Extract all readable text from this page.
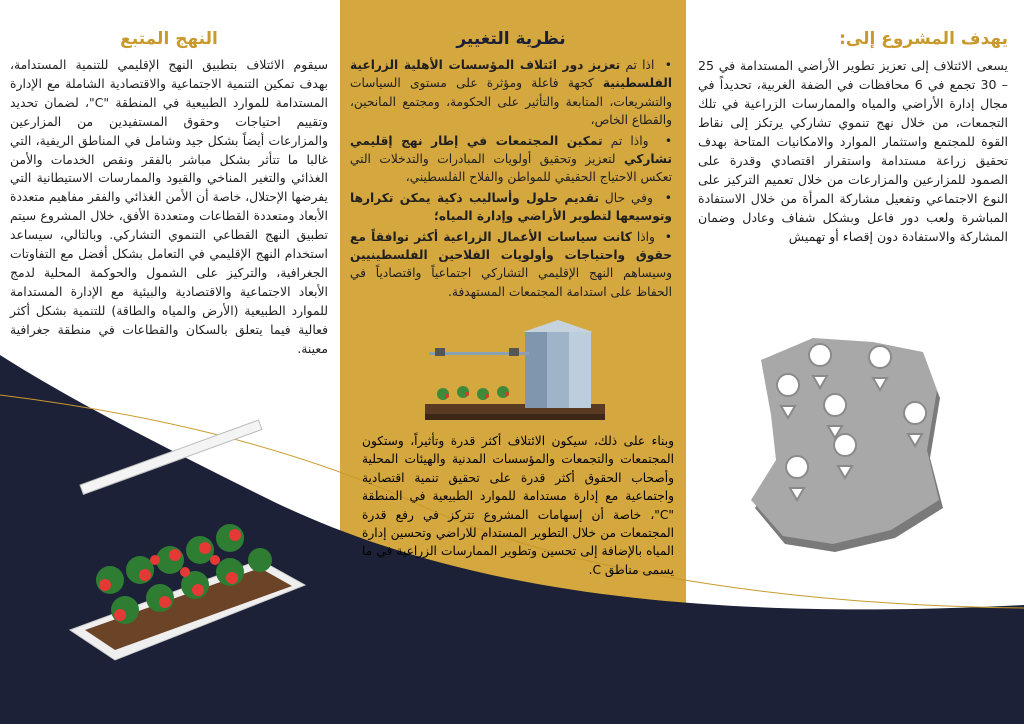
يهدف المشروع إلى:

يسعى الائتلاف إلى تعزيز تطوير الأراضي المستدامة في 25 – 30 تجمع في 6 محافظات في الضفة الغربية، تحديداً في مجال إدارة الأراضي والمياه والممارسات الزراعية في تلك التجمعات، من خلال نهج تنموي تشاركي يرتكز إلى نقاط القوة للمجتمع واستثمار الموارد والامكانيات المتاحة بهدف تحقيق زراعة مستدامة واستقرار اقتصادي وقدرة على الصمود للمزارعين والمزارعات من خلال تعميم التركيز على النوع الاجتماعي وتفعيل مشاركة المرأة من خلال الاستفادة المباشرة ولعب دور فاعل وبشكل شفاف وعادل وضمان المشاركة والاستفادة دون إقصاء أو تهميش

نظرية التغيير

•  اذا تم تعزيز دور ائتلاف المؤسسات الأهلية الزراعية الفلسطينية كجهة فاعلة ومؤثرة على مستوى السياسات والتشريعات، المتابعة والتأثير على الحكومة، ومجتمع المانحين، والقطاع الخاص،

•  واذا تم تمكين المجتمعات في إطار نهج إقليمي تشاركي لتعزيز وتحقيق أولويات المبادرات والتدخلات التي تعكس الاحتياج الحقيقي للمواطن والفلاح الفلسطيني،

•  وفي حال تقديم حلول وأساليب ذكية يمكن تكرارها وتوسيعها لتطوير الأراضي وإدارة المياه؛

•  واذا كانت سياسات الأعمال الزراعية أكثر توافقاً مع حقوق واحتياجات وأولويات الفلاحين الفلسطينيين وسيساهم النهج الإقليمي التشاركي اجتماعياً واقتصادياً في الحفاظ على استدامة المجتمعات المستهدفة.

وبناء على ذلك، سيكون الائتلاف أكثر قدرة وتأثيراً، وستكون المجتمعات والتجمعات والمؤسسات المدنية والهيئات المحلية وأصحاب الحقوق أكثر قدرة على تحقيق تنمية اقتصادية واجتماعية مع إدارة مستدامة للموارد الطبيعية في المنطقة "C"، خاصة أن إسهامات المشروع تتركز في رفع قدرة المجتمعات من خلال التطوير المستدام للاراضي وتحسين إدارة المياه بالإضافة إلى تحسين وتطوير الممارسات الزراعية في ما يسمى مناطق C.

النهج المتبع

سيقوم الائتلاف بتطبيق النهج الإقليمي للتنمية المستدامة، بهدف تمكين التنمية الاجتماعية والاقتصادية الشاملة مع الإدارة المستدامة للموارد الطبيعية في المنطقة "C"، لضمان تحديد وتقييم احتياجات وحقوق المستفيدين من المزارعين والمزارعات أيضاً بشكل جيد وشامل في المناطق الريفية، التي غالبا ما تتأثر بشكل مباشر بالفقر ونقص الخدمات والأمن الغذائي والتغير المناخي والقيود والممارسات الاستيطانية التي يفرضها الإحتلال، خاصة أن الأمن الغذائي والفقر مفاهيم متعددة الأبعاد ومتعددة القطاعات ومتعددة الأفق، خلال المشروع سيتم تطبيق النهج القطاعي التنموي التشاركي. وبالتالي، سيساعد استخدام النهج الإقليمي في التعامل بشكل أفضل مع التفاوتات الجغرافية، والتركيز على الشمول والحوكمة المحلية لدمج الأبعاد الاجتماعية والاقتصادية والبيئية مع الإدارة المستدامة للموارد الطبيعية (الأرض والمياه والطاقة) للتنمية بشكل أكثر فعالية فيما يتعلق بالسكان والقطاعات في منطقة جغرافية معينة.
